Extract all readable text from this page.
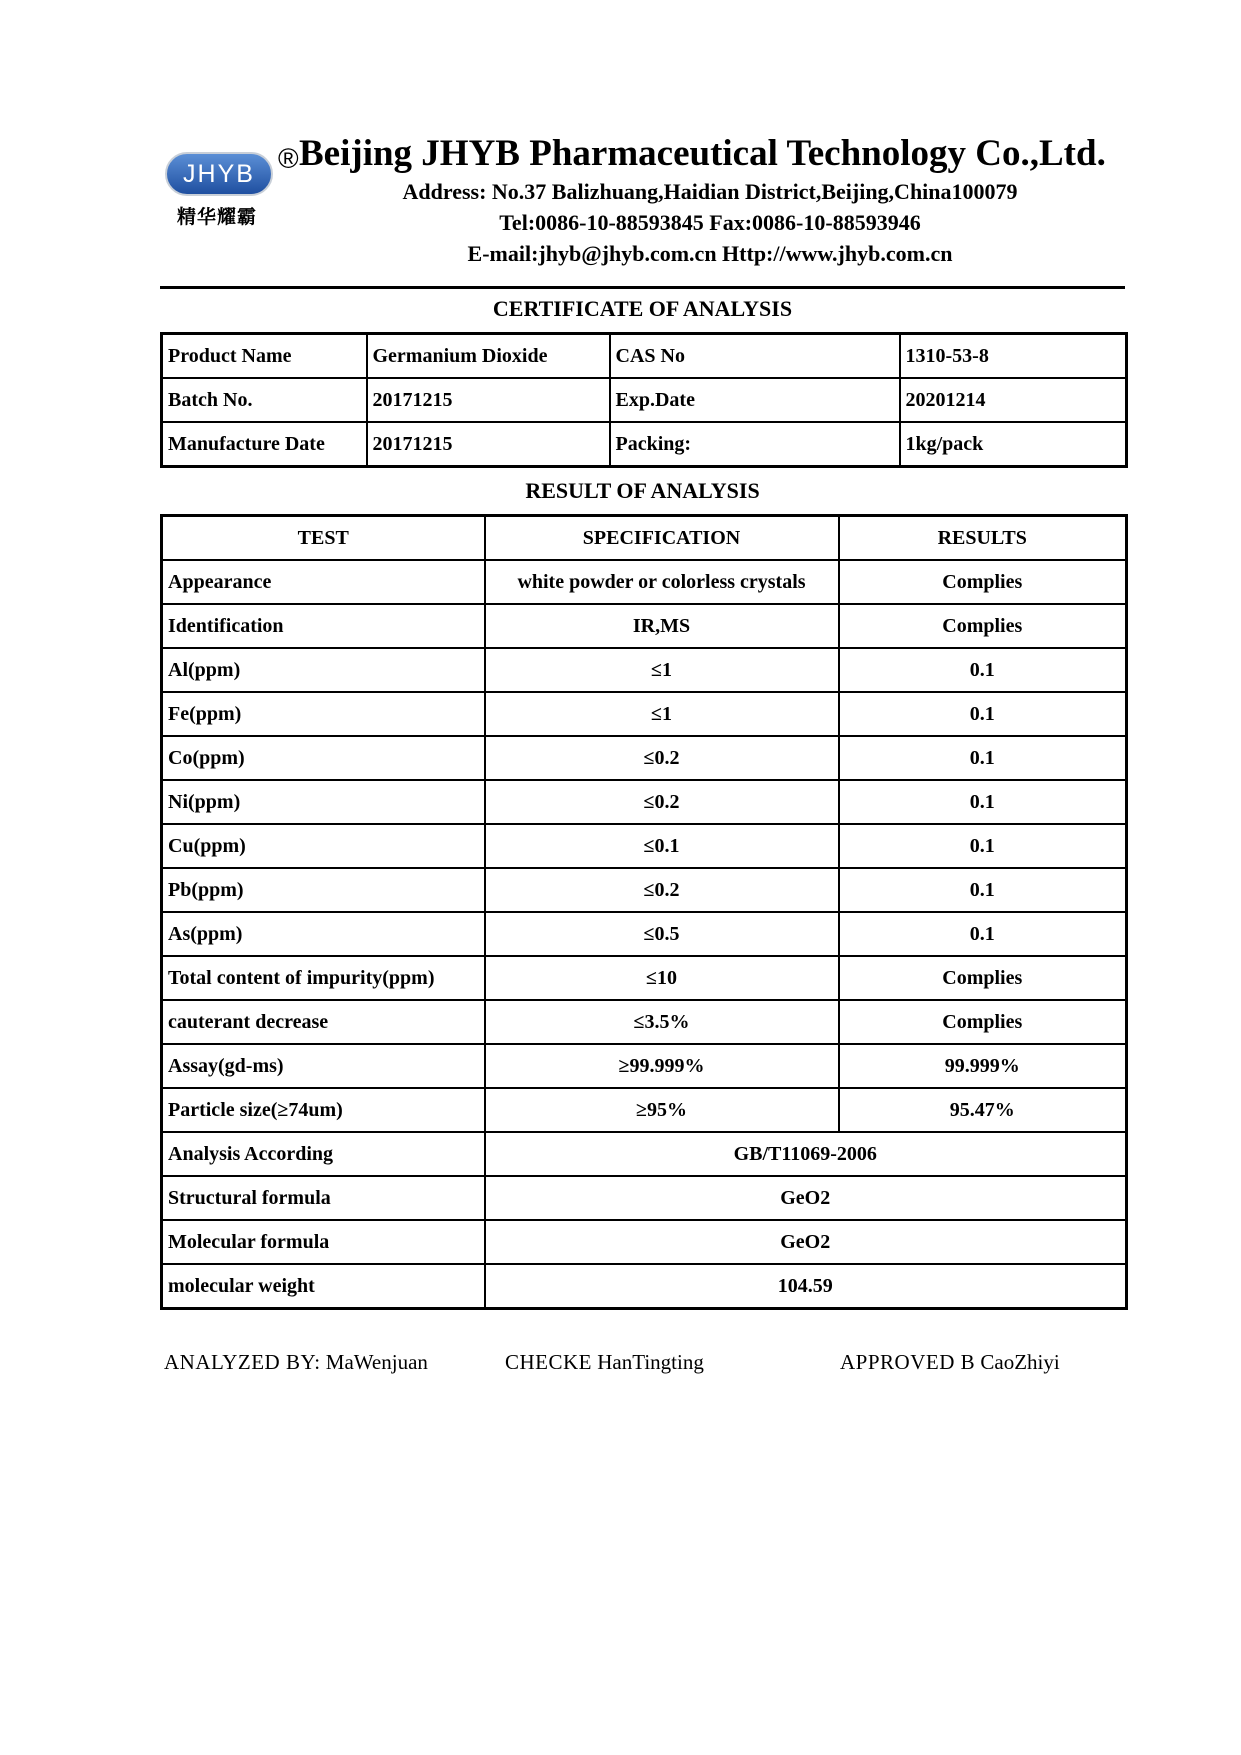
JHYB
精华耀霸
® Beijing JHYB Pharmaceutical Technology Co.,Ltd.
Address: No.37 Balizhuang,Haidian District,Beijing,China100079
Tel:0086-10-88593845 Fax:0086-10-88593946
E-mail:jhyb@jhyb.com.cn Http://www.jhyb.com.cn
CERTIFICATE OF ANALYSIS
Product Name	Germanium Dioxide	CAS No	1310-53-8
Batch No.	20171215	Exp.Date	20201214
Manufacture Date	20171215	Packing:	1kg/pack
RESULT OF ANALYSIS
TEST	SPECIFICATION	RESULTS
Appearance	white powder or colorless crystals	Complies
Identification	IR,MS	Complies
Al(ppm)	≤1	0.1
Fe(ppm)	≤1	0.1
Co(ppm)	≤0.2	0.1
Ni(ppm)	≤0.2	0.1
Cu(ppm)	≤0.1	0.1
Pb(ppm)	≤0.2	0.1
As(ppm)	≤0.5	0.1
Total content of impurity(ppm)	≤10	Complies
cauterant decrease	≤3.5%	Complies
Assay(gd-ms)	≥99.999%	99.999%
Particle size(≥74um)	≥95%	95.47%
Analysis According	GB/T11069-2006	
Structural formula	GeO2	
Molecular formula	GeO2	
molecular weight	104.59	
ANALYZED BY: MaWenjuan	CHECKE HanTingting	APPROVED B CaoZhiyi
